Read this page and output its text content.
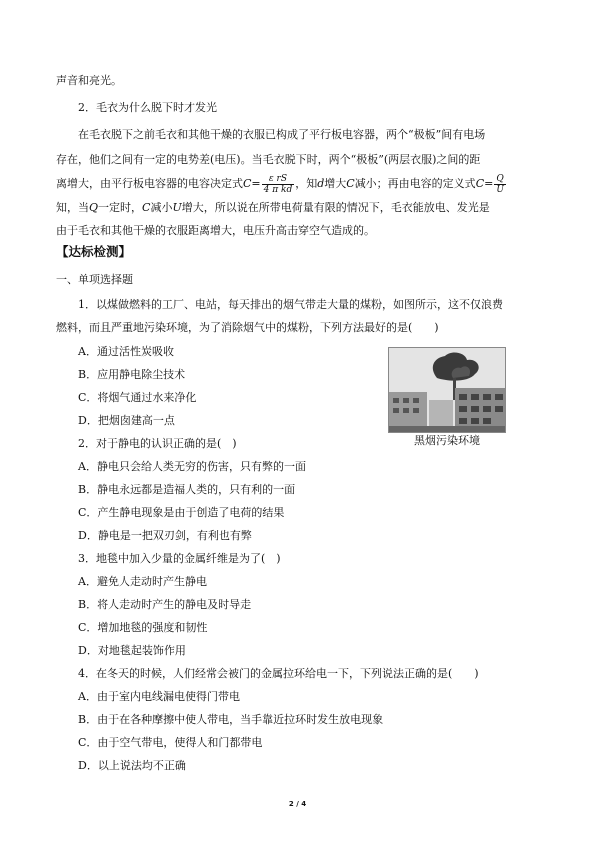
声音和亮光。
2．毛衣为什么脱下时才发光
在毛衣脱下之前毛衣和其他干燥的衣服已构成了平行板电容器，两个“极板”间有电场
存在，他们之间有一定的电势差(电压)。当毛衣脱下时，两个“极板”(两层衣服)之间的距
离增大，由平行板电容器的电容决定式$C= \frac{\text{ε rS}}{\text{4 π kd}}$ ，知d增大C减小；再由电容的定义式$C= \frac{Q}{U}$
知，当Q一定时，C减小U增大，所以说在所带电荷量有限的情况下，毛衣能放电、发光是
由于毛衣和其他干燥的衣服距离增大，电压升高击穿空气造成的。
【达标检测】
一、单项选择题
1．以煤做燃料的工厂、电站，每天排出的烟气带走大量的煤粉，如图所示，这不仅浪费
燃料，而且严重地污染环境，为了消除烟气中的煤粉，下列方法最好的是(　　)
A．通过活性炭吸收
B．应用静电除尘技术
C．将烟气通过水来净化
D．把烟囱建高一点
黑烟污染环境
2．对于静电的认识正确的是(　)
A．静电只会给人类无穷的伤害，只有弊的一面
B．静电永远都是造福人类的，只有利的一面
C．产生静电现象是由于创造了电荷的结果
D．静电是一把双刃剑，有利也有弊
3．地毯中加入少量的金属纤维是为了(　)
A．避免人走动时产生静电
B．将人走动时产生的静电及时导走
C．增加地毯的强度和韧性
D．对地毯起装饰作用
4．在冬天的时候，人们经常会被门的金属拉环给电一下，下列说法正确的是(　　)
A．由于室内电线漏电使得门带电
B．由于在各种摩擦中使人带电，当手靠近拉环时发生放电现象
C．由于空气带电，使得人和门都带电
D．以上说法均不正确
2 / 4
